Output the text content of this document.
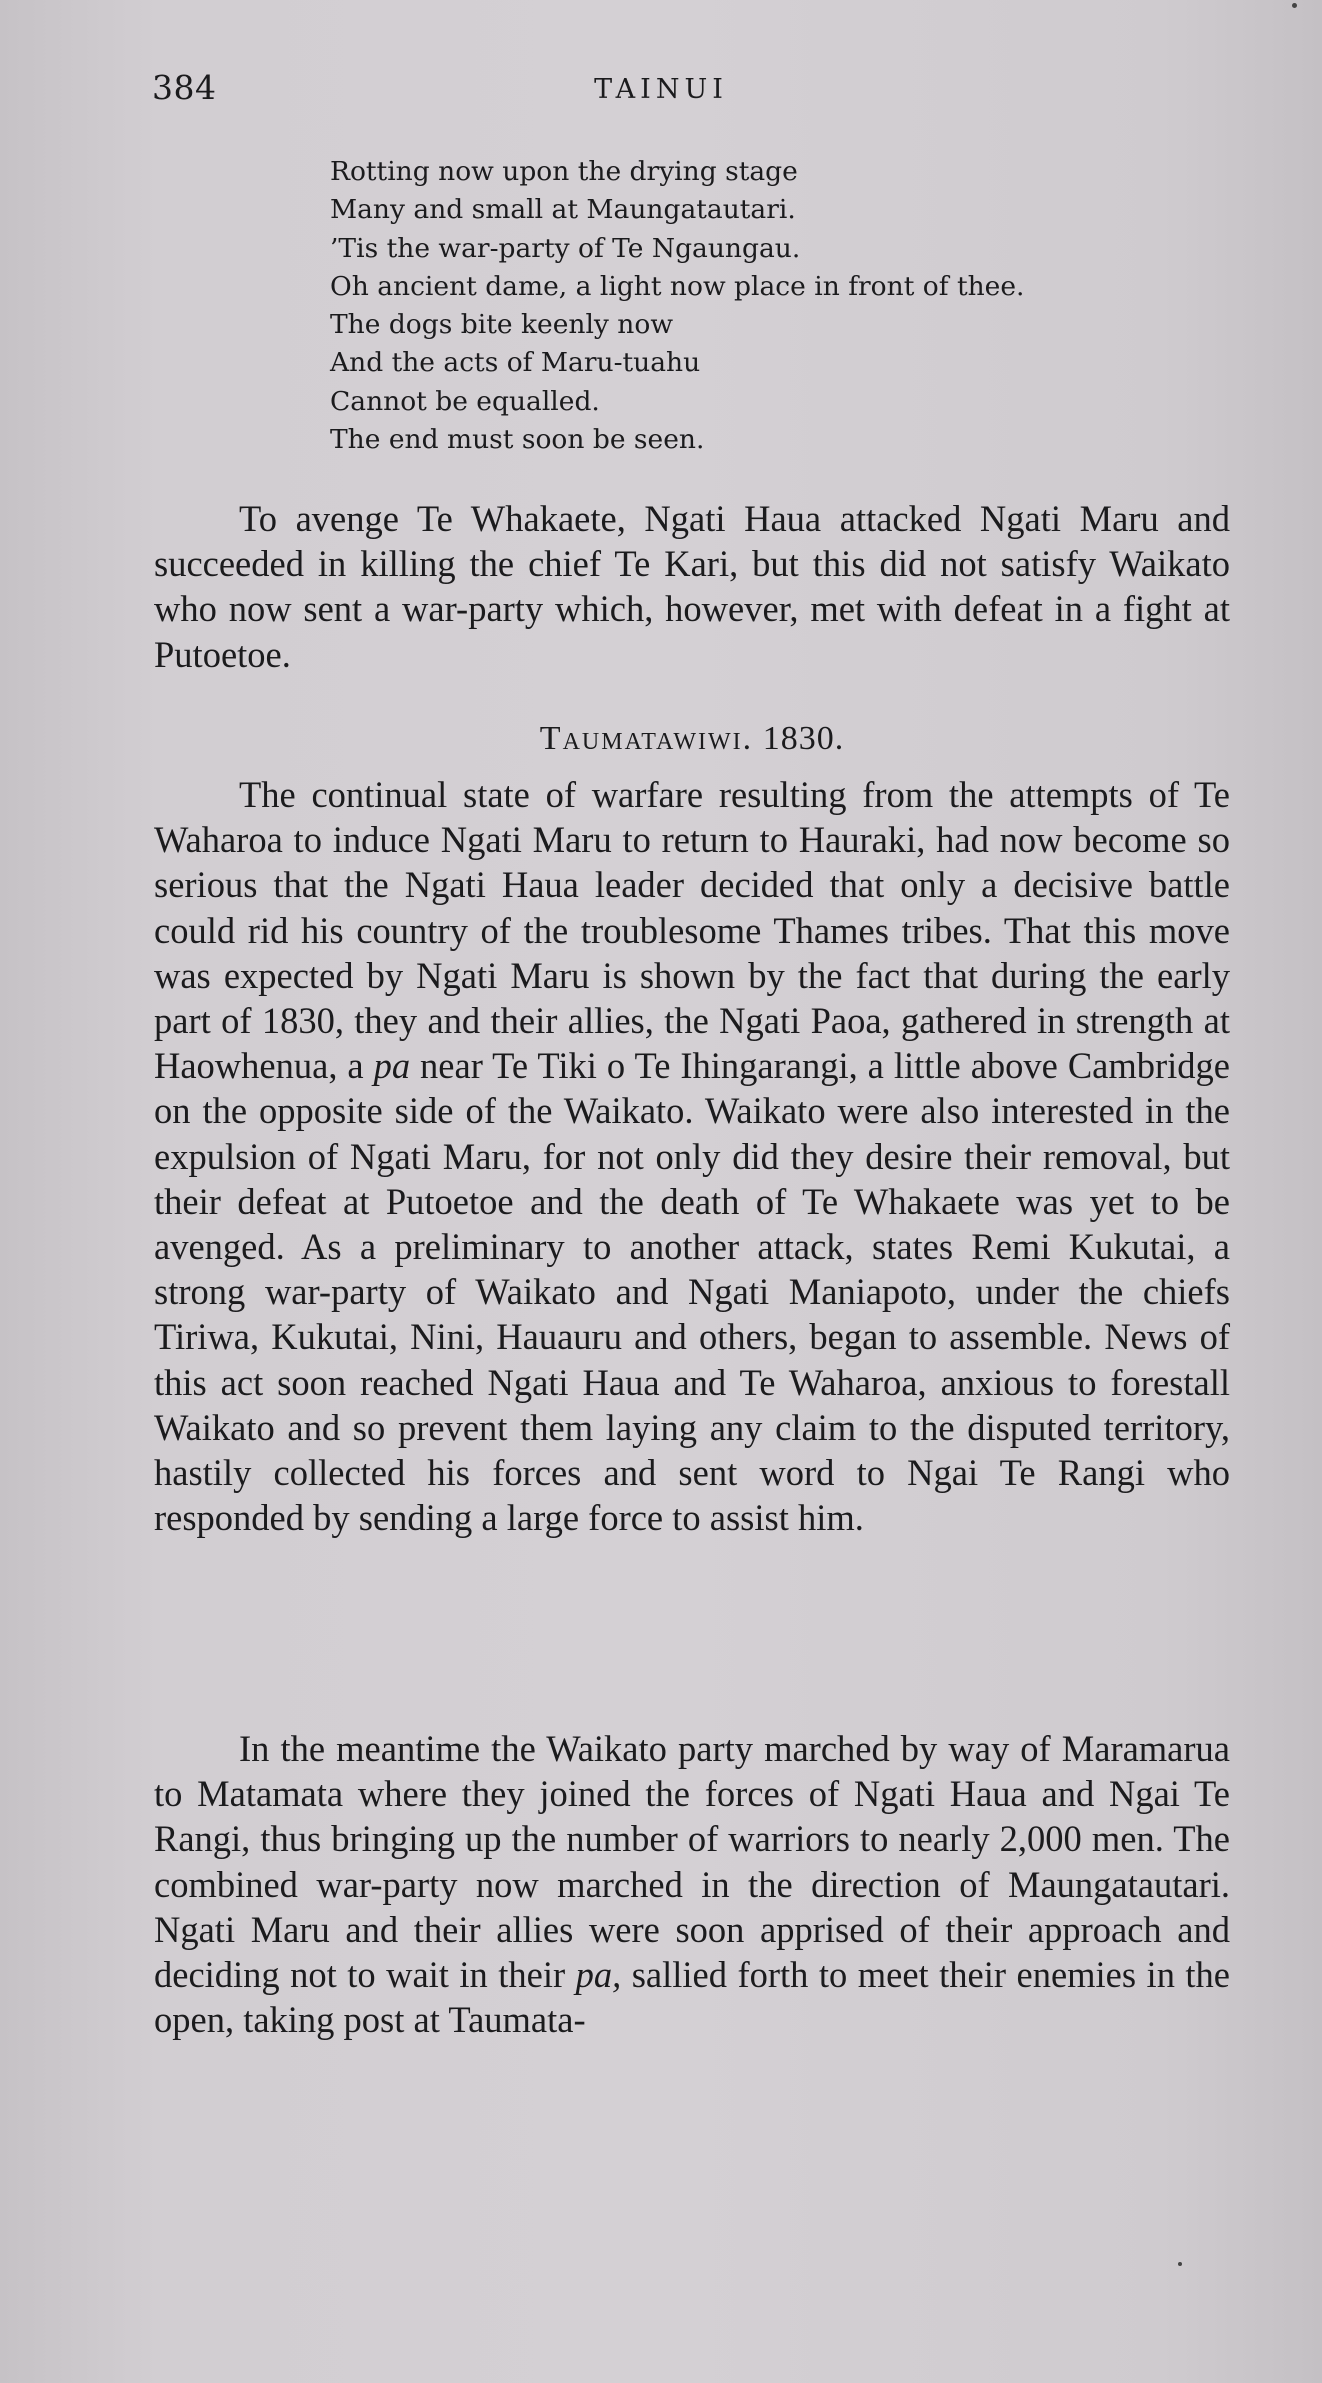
384	TAINUI
Rotting now upon the drying stage
Many and small at Maungatautari.
’Tis the war-party of Te Ngaungau.
Oh ancient dame, a light now place in front of thee.
The dogs bite keenly now
And the acts of Maru-tuahu
Cannot be equalled.
The end must soon be seen.

To avenge Te Whakaete, Ngati Haua attacked Ngati Maru and succeeded in killing the chief Te Kari, but this did not satisfy Waikato who now sent a war-party which, however, met with defeat in a fight at Putoetoe.

Taumatawiwi. 1830.

The continual state of warfare resulting from the attempts of Te Waharoa to induce Ngati Maru to return to Hauraki, had now become so serious that the Ngati Haua leader decided that only a decisive battle could rid his country of the troublesome Thames tribes. That this move was expected by Ngati Maru is shown by the fact that during the early part of 1830, they and their allies, the Ngati Paoa, gathered in strength at Haowhenua, a pa near Te Tiki o Te Ihingarangi, a little above Cambridge on the opposite side of the Waikato. Waikato were also interested in the expulsion of Ngati Maru, for not only did they desire their removal, but their defeat at Putoetoe and the death of Te Whakaete was yet to be avenged. As a preliminary to another attack, states Remi Kukutai, a strong war-party of Waikato and Ngati Maniapoto, under the chiefs Tiriwa, Kukutai, Nini, Hauauru and others, began to assemble. News of this act soon reached Ngati Haua and Te Waharoa, anxious to forestall Waikato and so prevent them laying any claim to the disputed territory, hastily collected his forces and sent word to Ngai Te Rangi who responded by sending a large force to assist him.

In the meantime the Waikato party marched by way of Maramarua to Matamata where they joined the forces of Ngati Haua and Ngai Te Rangi, thus bringing up the number of warriors to nearly 2,000 men. The combined war-party now marched in the direction of Maungatautari. Ngati Maru and their allies were soon apprised of their approach and deciding not to wait in their pa, sallied forth to meet their enemies in the open, taking post at Taumata-
